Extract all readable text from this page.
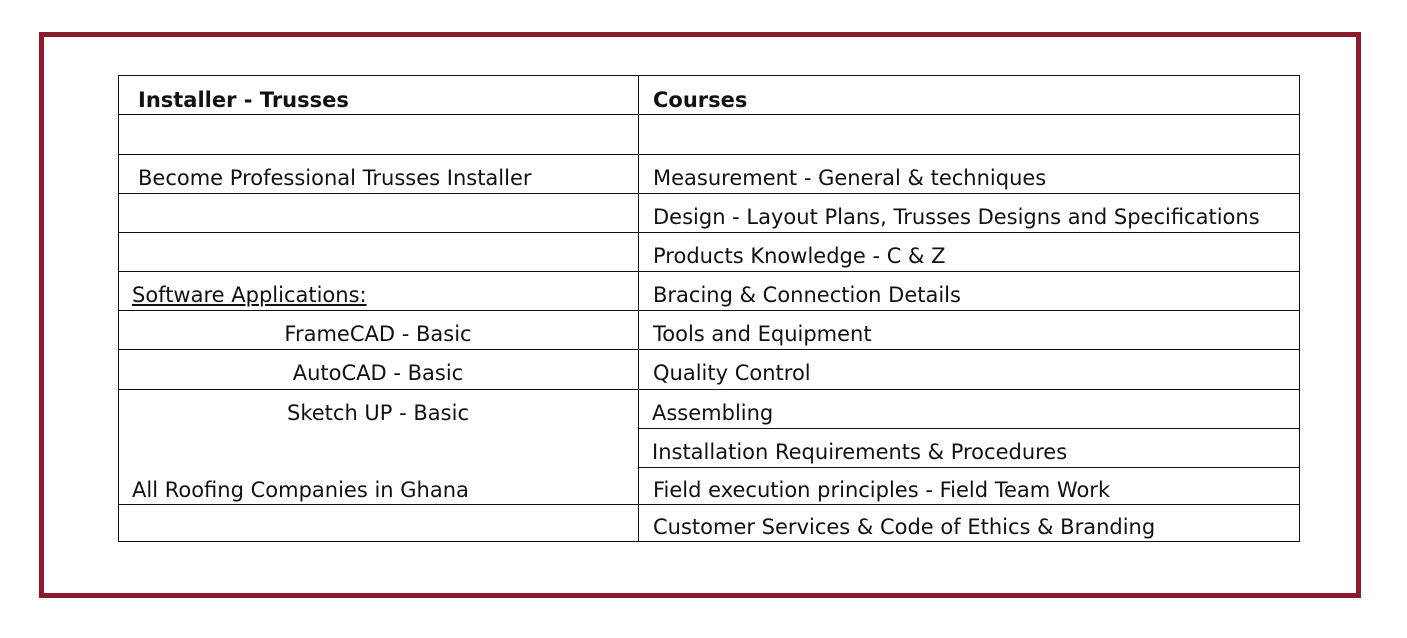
Installer - Trusses	Courses
Become Professional Trusses Installer
Software Applications:
FrameCAD - Basic
AutoCAD - Basic
Sketch UP - Basic
All Roofing Companies in Ghana
Measurement - General & techniques
Design - Layout Plans, Trusses Designs and Specifications
Products Knowledge - C & Z
Bracing & Connection Details
Tools and Equipment
Quality Control
Assembling
Installation Requirements & Procedures
Field execution principles - Field Team Work
Customer Services & Code of Ethics & Branding
